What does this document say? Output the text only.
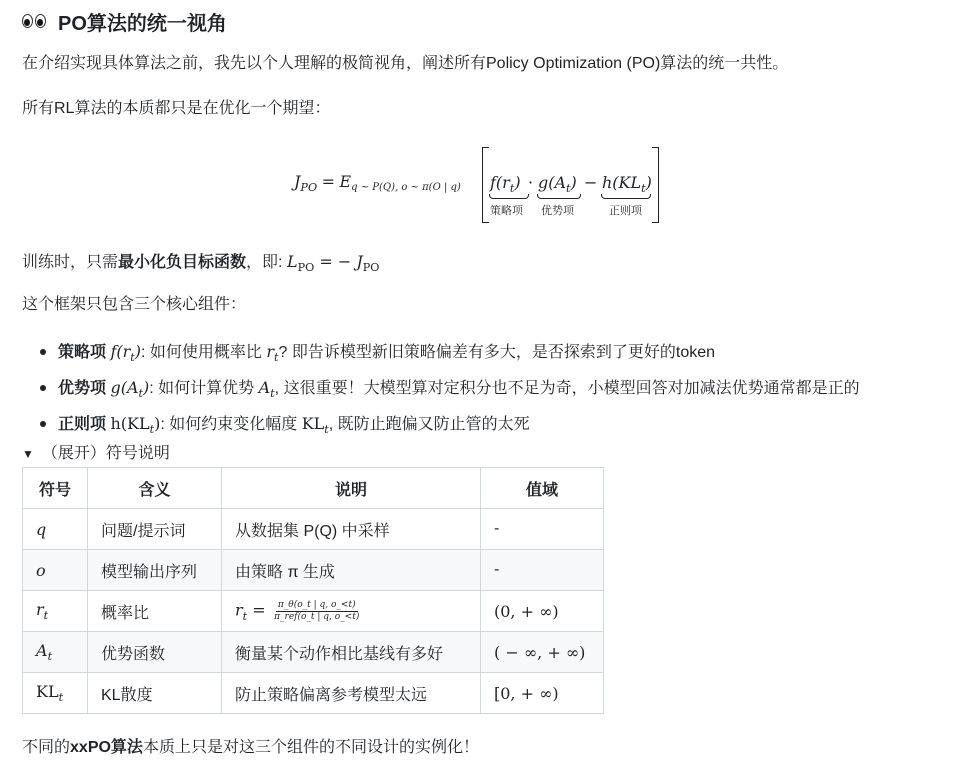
PO算法的统一视角
在介绍实现具体算法之前，我先以个人理解的极简视角，阐述所有Policy Optimization (PO)算法的统一共性。
所有RL算法的本质都只是在优化一个期望：
$J_{PO} = Eq$ ~ P(Q), o ~ π(O | q) $f(r_t) \cdot g(A_t) - h(KL_t)$
策略项 优势项	正则项
训练时，只需最小化负目标函数，即: $L_{PO}$ = − $J_{PO}$
这个框架只包含三个核心组件：
策略项 $f(r_t)$: 如何使用概率比 $r_t$? 即告诉模型新旧策略偏差有多大，是否探索到了更好的token
优势项 $g(A_t)$: 如何计算优势 $A_t$, 这很重要！大模型算对定积分也不足为奇，小模型回答对加减法优势通常都是正的
正则项 $h(KL_t)$: 如何约束变化幅度 $KL_t$, 既防止跑偏又防止管的太死
▼ （展开）符号说明
符号	含义	说明	值域
q	问题/提示词	从数据集 P(Q) 中采样	-
o	模型输出序列	由策略 π 生成	-
$r_t$	概率比	$r_t = \frac{\pi\_\theta(o\_t | q, o\_<t)}{\text{π\_ref(o\_t | q, o\_<t)}}$	(0, + ∞)
$A_t$	优势函数	衡量某个动作相比基线有多好	( − ∞, + ∞)
$KL_t$	KL散度	防止策略偏离参考模型太远	[0, + ∞)
不同的xxPO算法本质上只是对这三个组件的不同设计的实例化！
